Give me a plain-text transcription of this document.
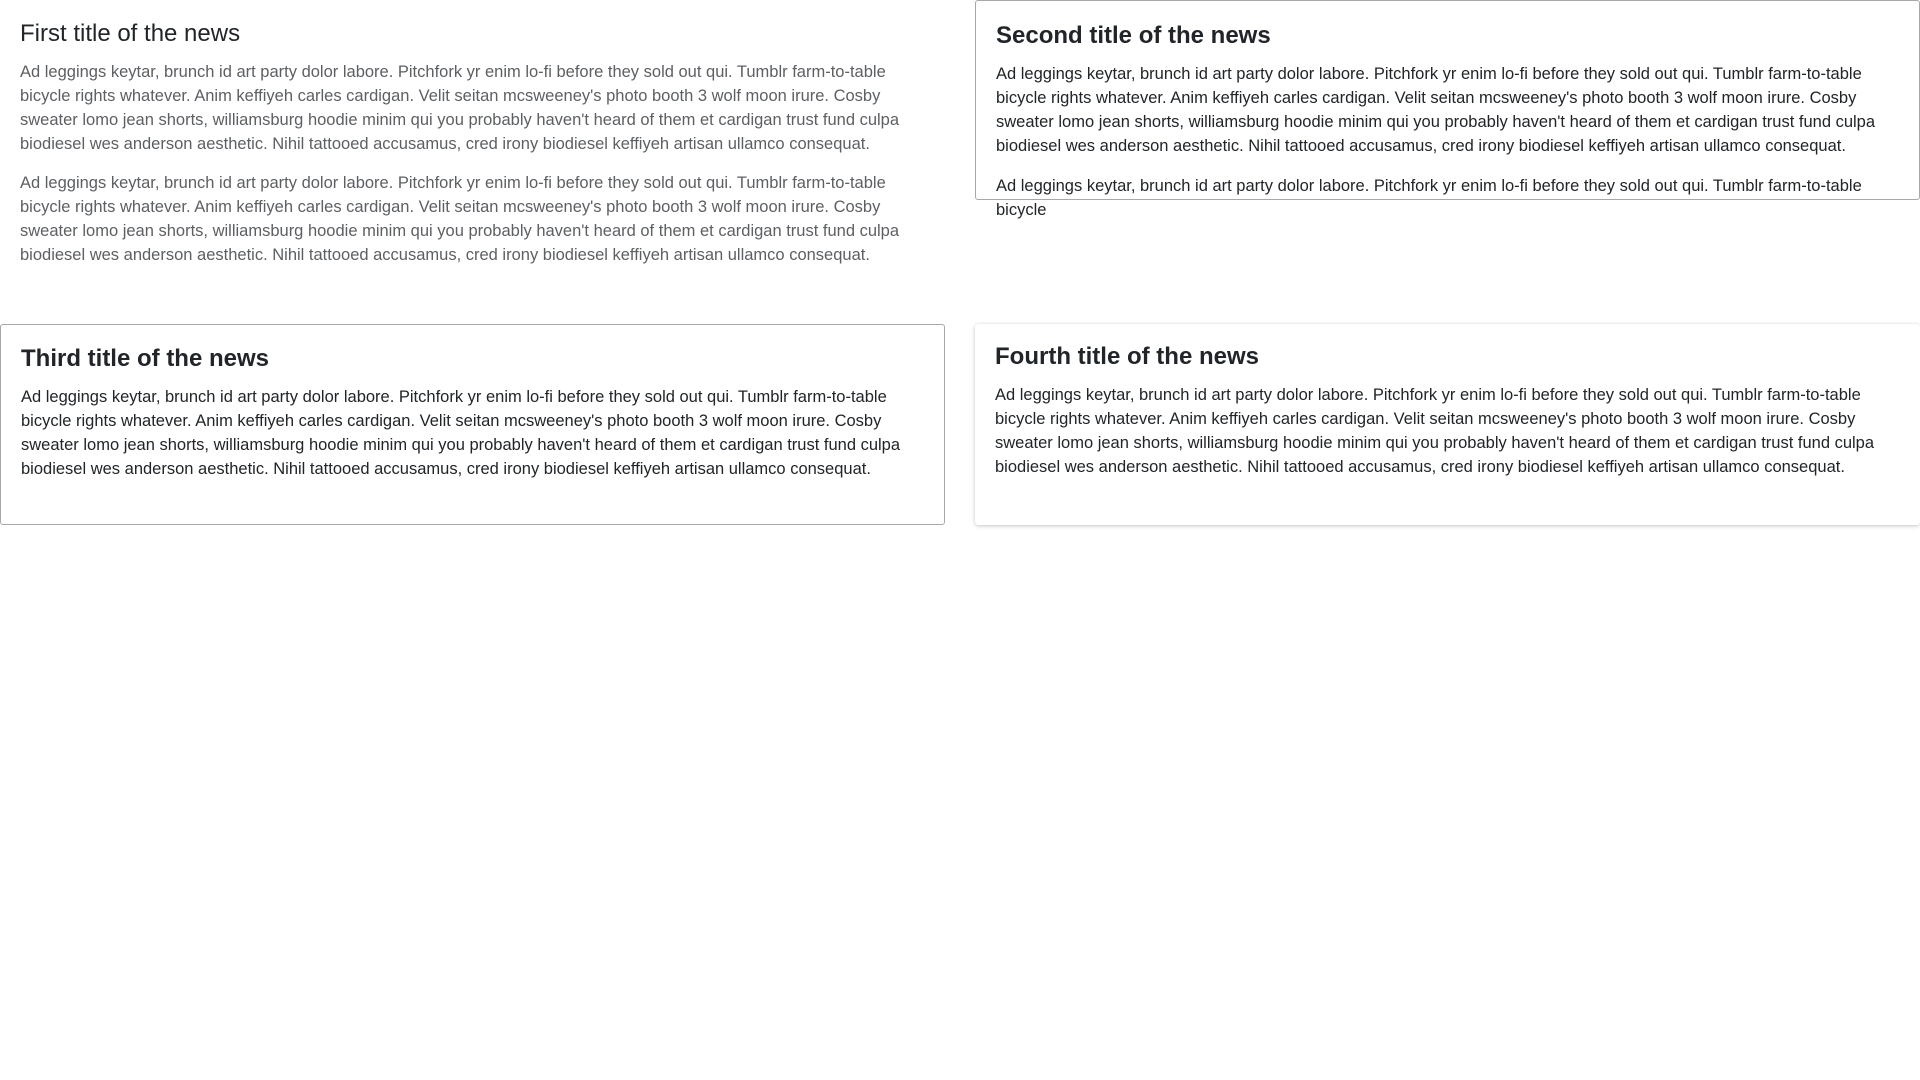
First title of the news

Ad leggings keytar, brunch id art party dolor labore. Pitchfork yr enim lo-fi before they sold out qui. Tumblr farm-to-table bicycle rights whatever. Anim keffiyeh carles cardigan. Velit seitan mcsweeney's photo booth 3 wolf moon irure. Cosby sweater lomo jean shorts, williamsburg hoodie minim qui you probably haven't heard of them et cardigan trust fund culpa biodiesel wes anderson aesthetic. Nihil tattooed accusamus, cred irony biodiesel keffiyeh artisan ullamco consequat.

Ad leggings keytar, brunch id art party dolor labore. Pitchfork yr enim lo-fi before they sold out qui. Tumblr farm-to-table bicycle rights whatever. Anim keffiyeh carles cardigan. Velit seitan mcsweeney's photo booth 3 wolf moon irure. Cosby sweater lomo jean shorts, williamsburg hoodie minim qui you probably haven't heard of them et cardigan trust fund culpa biodiesel wes anderson aesthetic. Nihil tattooed accusamus, cred irony biodiesel keffiyeh artisan ullamco consequat.

Second title of the news

Ad leggings keytar, brunch id art party dolor labore. Pitchfork yr enim lo-fi before they sold out qui. Tumblr farm-to-table bicycle rights whatever. Anim keffiyeh carles cardigan. Velit seitan mcsweeney's photo booth 3 wolf moon irure. Cosby sweater lomo jean shorts, williamsburg hoodie minim qui you probably haven't heard of them et cardigan trust fund culpa biodiesel wes anderson aesthetic. Nihil tattooed accusamus, cred irony biodiesel keffiyeh artisan ullamco consequat.

Ad leggings keytar, brunch id art party dolor labore. Pitchfork yr enim lo-fi before they sold out qui. Tumblr farm-to-table bicycle

Third title of the news

Ad leggings keytar, brunch id art party dolor labore. Pitchfork yr enim lo-fi before they sold out qui. Tumblr farm-to-table bicycle rights whatever. Anim keffiyeh carles cardigan. Velit seitan mcsweeney's photo booth 3 wolf moon irure. Cosby sweater lomo jean shorts, williamsburg hoodie minim qui you probably haven't heard of them et cardigan trust fund culpa biodiesel wes anderson aesthetic. Nihil tattooed accusamus, cred irony biodiesel keffiyeh artisan ullamco consequat.

Fourth title of the news

Ad leggings keytar, brunch id art party dolor labore. Pitchfork yr enim lo-fi before they sold out qui. Tumblr farm-to-table bicycle rights whatever. Anim keffiyeh carles cardigan. Velit seitan mcsweeney's photo booth 3 wolf moon irure. Cosby sweater lomo jean shorts, williamsburg hoodie minim qui you probably haven't heard of them et cardigan trust fund culpa biodiesel wes anderson aesthetic. Nihil tattooed accusamus, cred irony biodiesel keffiyeh artisan ullamco consequat.
